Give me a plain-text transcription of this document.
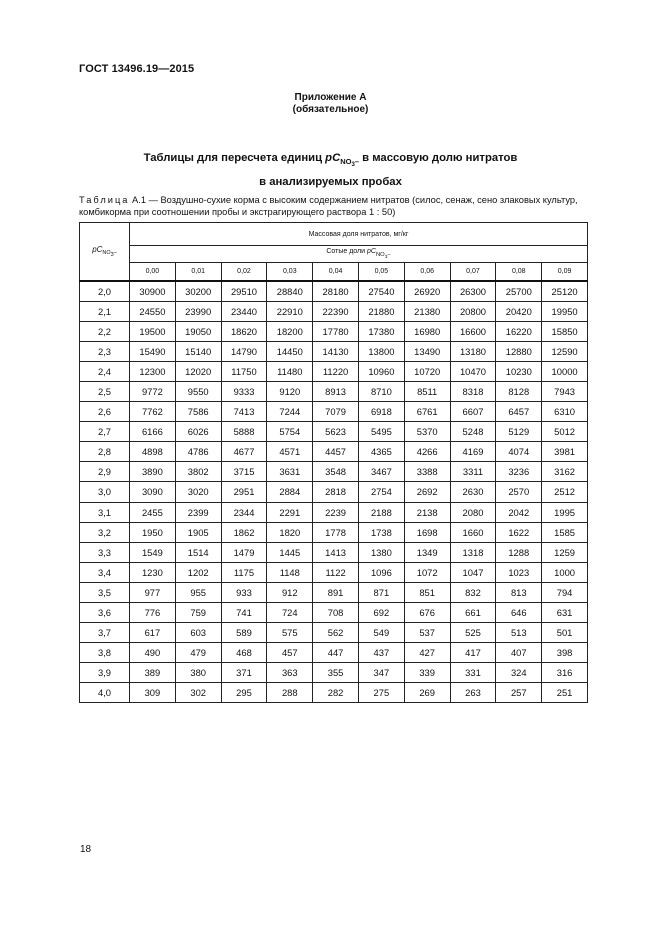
ГОСТ 13496.19—2015
Приложение А
(обязательное)
Таблицы для пересчета единиц $pC_{NO_3-}$ в массовую долю нитратов
в анализируемых пробах
Таблица А.1 — Воздушно-сухие корма с высоким содержанием нитратов (силос, сенаж, сено злаковых культур, комбикорма при соотношении пробы и экстрагирующего раствора 1 : 50)
$pC_{NO_3-}$	Массовая доля нитратов, мг/кг									
	Сотые доли $pC_{NO_3-}$
	0,00	0,01	0,02	0,03	0,04	0,05	0,06	0,07	0,08	0,09
2,0	30900	30200	29510	28840	28180	27540	26920	26300	25700	25120
2,1	24550	23990	23440	22910	22390	21880	21380	20800	20420	19950
2,2	19500	19050	18620	18200	17780	17380	16980	16600	16220	15850
2,3	15490	15140	14790	14450	14130	13800	13490	13180	12880	12590
2,4	12300	12020	11750	11480	11220	10960	10720	10470	10230	10000
2,5	9772	9550	9333	9120	8913	8710	8511	8318	8128	7943
2,6	7762	7586	7413	7244	7079	6918	6761	6607	6457	6310
2,7	6166	6026	5888	5754	5623	5495	5370	5248	5129	5012
2,8	4898	4786	4677	4571	4457	4365	4266	4169	4074	3981
2,9	3890	3802	3715	3631	3548	3467	3388	3311	3236	3162
3,0	3090	3020	2951	2884	2818	2754	2692	2630	2570	2512
3,1	2455	2399	2344	2291	2239	2188	2138	2080	2042	1995
3,2	1950	1905	1862	1820	1778	1738	1698	1660	1622	1585
3,3	1549	1514	1479	1445	1413	1380	1349	1318	1288	1259
3,4	1230	1202	1175	1148	1122	1096	1072	1047	1023	1000
3,5	977	955	933	912	891	871	851	832	813	794
3,6	776	759	741	724	708	692	676	661	646	631
3,7	617	603	589	575	562	549	537	525	513	501
3,8	490	479	468	457	447	437	427	417	407	398
3,9	389	380	371	363	355	347	339	331	324	316
4,0	309	302	295	288	282	275	269	263	257	251
18
